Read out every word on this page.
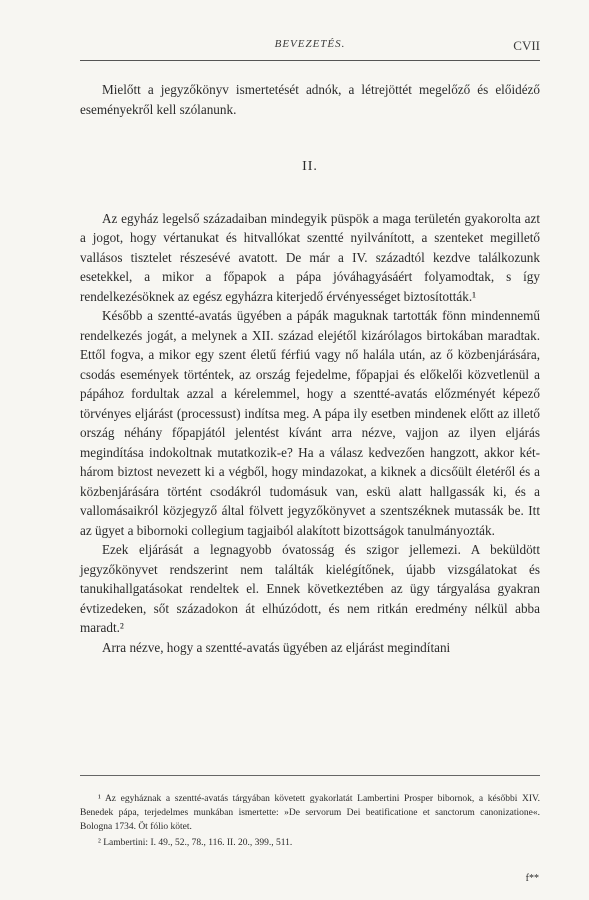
BEVEZETÉS.	CVII

Mielőtt a jegyzőkönyv ismertetését adnók, a létrejöttét megelőző és előidéző eseményekről kell szólanunk.

II.

Az egyház legelső századaiban mindegyik püspök a maga területén gyakorolta azt a jogot, hogy vértanukat és hitvallókat szentté nyilvánított, a szenteket megillető vallásos tisztelet részesévé avatott. De már a IV. századtól kezdve találkozunk esetekkel, a mikor a főpapok a pápa jóváhagyásáért folyamodtak, s így rendelkezésöknek az egész egyházra kiterjedő érvényességet biztosították.¹

Később a szentté-avatás ügyében a pápák maguknak tartották fönn mindennemű rendelkezés jogát, a melynek a XII. század elejétől kizárólagos birtokában maradtak. Ettől fogva, a mikor egy szent életű férfiú vagy nő halála után, az ő közbenjárására, csodás események történtek, az ország fejedelme, főpapjai és előkelői közvetlenül a pápához fordultak azzal a kérelemmel, hogy a szentté-avatás előzményét képező törvényes eljárást (processust) indítsa meg. A pápa ily esetben mindenek előtt az illető ország néhány főpapjától jelentést kívánt arra nézve, vajjon az ilyen eljárás megindítása indokoltnak mutatkozik-e? Ha a válasz kedvezően hangzott, akkor két-három biztost nevezett ki a végből, hogy mindazokat, a kiknek a dicsőült életéről és a közbenjárására történt csodákról tudomásuk van, eskü alatt hallgassák ki, és a vallomásaikról közjegyző által fölvett jegyzőkönyvet a szentszéknek mutassák be. Itt az ügyet a bibornoki collegium tagjaiból alakított bizottságok tanulmányozták.

Ezek eljárását a legnagyobb óvatosság és szigor jellemezi. A beküldött jegyzőkönyvet rendszerint nem találták kielégítőnek, újabb vizsgálatokat és tanukihallgatásokat rendeltek el. Ennek következtében az ügy tárgyalása gyakran évtizedeken, sőt századokon át elhúzódott, és nem ritkán eredmény nélkül abba maradt.²

Arra nézve, hogy a szentté-avatás ügyében az eljárást megindítani

¹ Az egyháznak a szentté-avatás tárgyában követett gyakorlatát Lambertini Prosper bibornok, a későbbi XIV. Benedek pápa, terjedelmes munkában ismertette: »De servorum Dei beatificatione et sanctorum canonizatione«. Bologna 1734. Öt fólio kötet.

² Lambertini: I. 49., 52., 78., 116. II. 20., 399., 511.

f**
